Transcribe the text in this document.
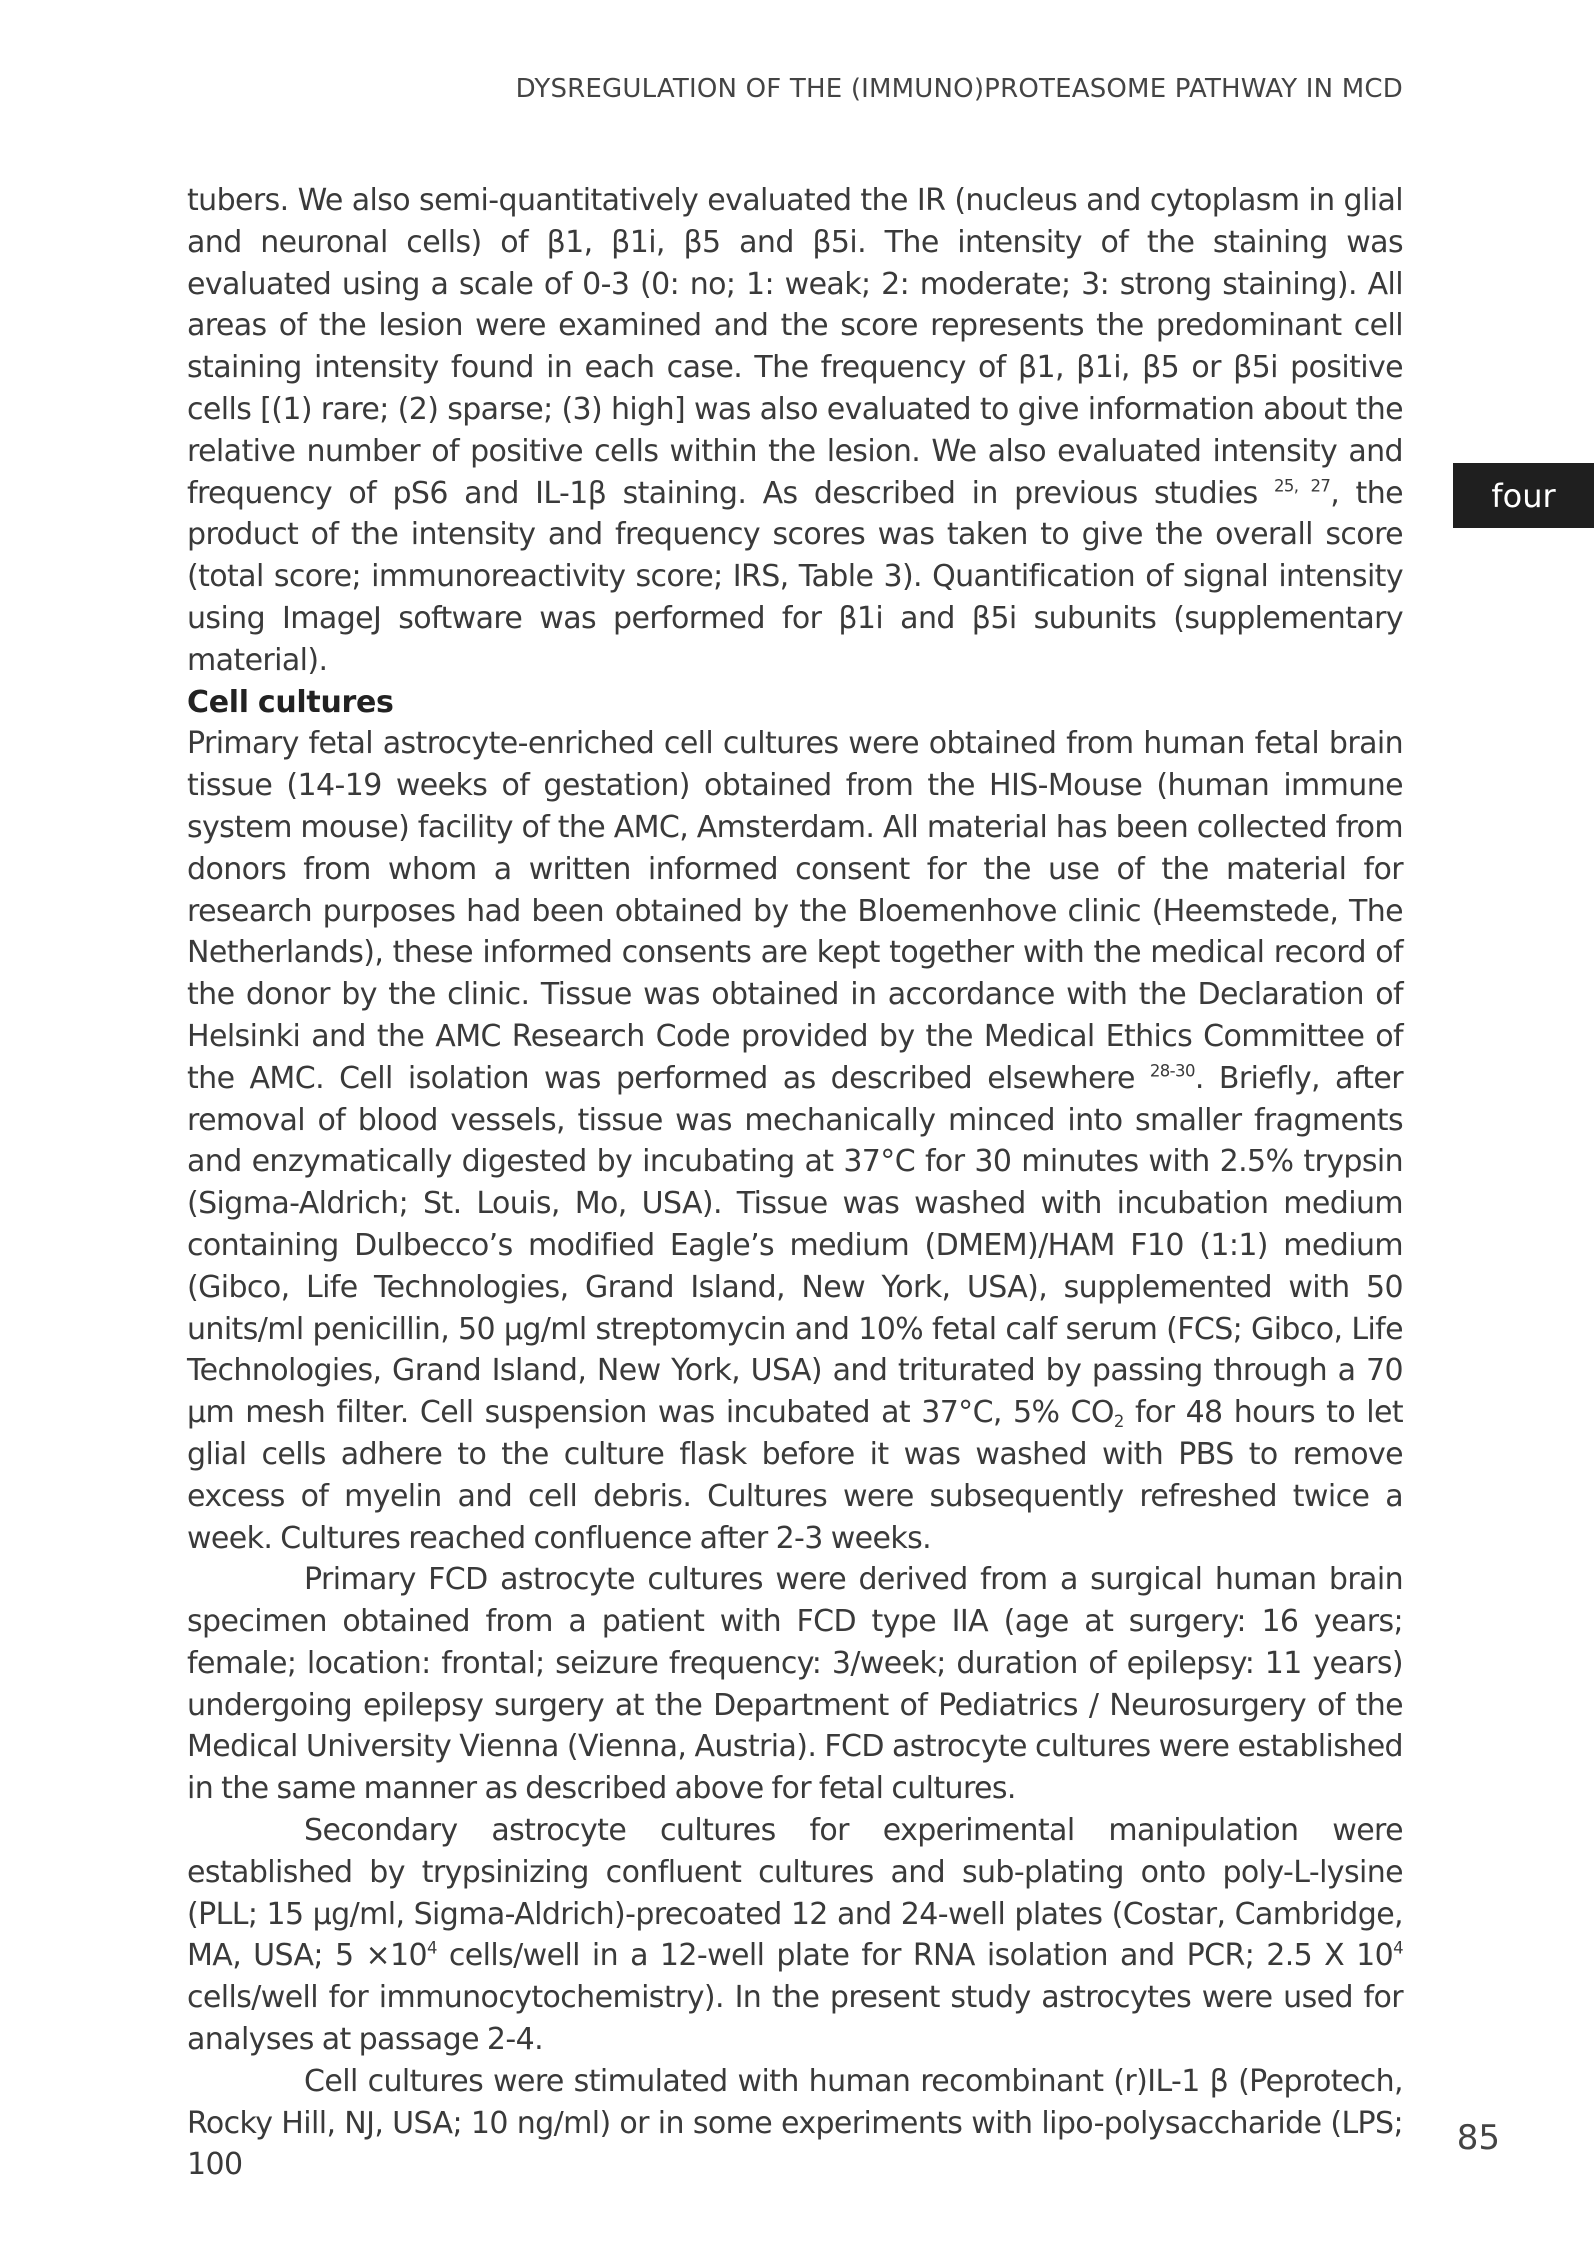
DYSREGULATION OF THE (IMMUNO)PROTEASOME PATHWAY IN MCD
four

tubers. We also semi-quantitatively evaluated the IR (nucleus and cytoplasm in glial and neuronal cells) of β1, β1i, β5 and β5i. The intensity of the staining was evaluated using a scale of 0-3 (0: no; 1: weak; 2: moderate; 3: strong staining). All areas of the lesion were examined and the score represents the predominant cell staining intensity found in each case. The frequency of β1, β1i, β5 or β5i positive cells [(1) rare; (2) sparse; (3) high] was also evaluated to give information about the relative number of positive cells within the lesion. We also evaluated intensity and frequency of pS6 and IL-1β staining. As described in previous studies $^{25, 27}$, the product of the intensity and frequency scores was taken to give the overall score (total score; immunoreactivity score; IRS, Table 3). Quantification of signal intensity using ImageJ software was performed for β1i and β5i subunits (supplementary material).

Cell cultures

Primary fetal astrocyte-enriched cell cultures were obtained from human fetal brain tissue (14-19 weeks of gestation) obtained from the HIS-Mouse (human immune system mouse) facility of the AMC, Amsterdam. All material has been collected from donors from whom a written informed consent for the use of the material for research purposes had been obtained by the Bloemenhove clinic (Heemstede, The Netherlands), these informed consents are kept together with the medical record of the donor by the clinic. Tissue was obtained in accordance with the Declaration of Helsinki and the AMC Research Code provided by the Medical Ethics Committee of the AMC. Cell isolation was performed as described elsewhere $^{28-30}$. Briefly, after removal of blood vessels, tissue was mechanically minced into smaller fragments and enzymatically digested by incubating at 37°C for 30 minutes with 2.5% trypsin (Sigma-Aldrich; St. Louis, Mo, USA). Tissue was washed with incubation medium containing Dulbecco’s modified Eagle’s medium (DMEM)/HAM F10 (1:1) medium (Gibco, Life Technologies, Grand Island, New York, USA), supplemented with 50 units/ml penicillin, 50 µg/ml streptomycin and 10% fetal calf serum (FCS; Gibco, Life Technologies, Grand Island, New York, USA) and triturated by passing through a 70 µm mesh filter. Cell suspension was incubated at 37°C, 5% $CO_2$ for 48 hours to let glial cells adhere to the culture flask before it was washed with PBS to remove excess of myelin and cell debris. Cultures were subsequently refreshed twice a week. Cultures reached confluence after 2-3 weeks.

Primary FCD astrocyte cultures were derived from a surgical human brain specimen obtained from a patient with FCD type IIA (age at surgery: 16 years; female; location: frontal; seizure frequency: 3/week; duration of epilepsy: 11 years) undergoing epilepsy surgery at the Department of Pediatrics / Neurosurgery of the Medical University Vienna (Vienna, Austria). FCD astrocyte cultures were established in the same manner as described above for fetal cultures.

Secondary astrocyte cultures for experimental manipulation were established by trypsinizing confluent cultures and sub-plating onto poly-L-lysine (PLL; 15 µg/ml, Sigma-Aldrich)-precoated 12 and 24-well plates (Costar, Cambridge, MA, USA; $5 \times 10^4$ cells/well in a 12-well plate for RNA isolation and PCR; 2.5 X $10^4$ cells/well for immunocytochemistry). In the present study astrocytes were used for analyses at passage 2-4.

Cell cultures were stimulated with human recombinant (r)IL-1 β (Peprotech, Rocky Hill, NJ, USA; 10 ng/ml) or in some experiments with lipo-polysaccharide (LPS; 100

85
